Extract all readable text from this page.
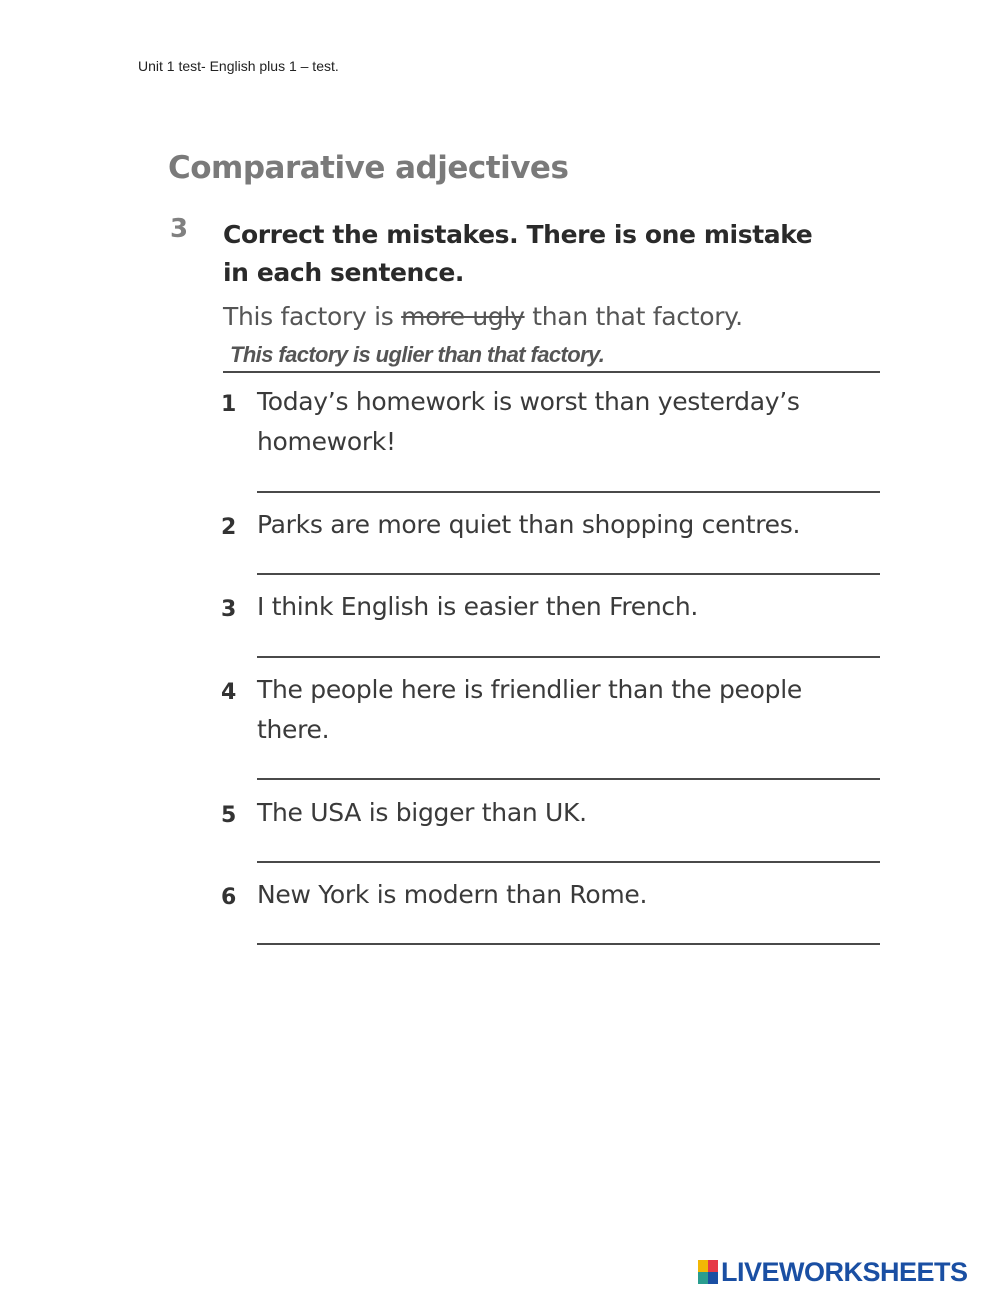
Unit 1 test- English plus 1 – test.
Comparative adjectives
3 Correct the mistakes. There is one mistake in each sentence.
This factory is more ugly than that factory.
This factory is uglier than that factory.
1 Today’s homework is worst than yesterday’s homework!
2 Parks are more quiet than shopping centres.
3 I think English is easier then French.
4 The people here is friendlier than the people there.
5 The USA is bigger than UK.
6 New York is modern than Rome.
LIVEWORKSHEETS
